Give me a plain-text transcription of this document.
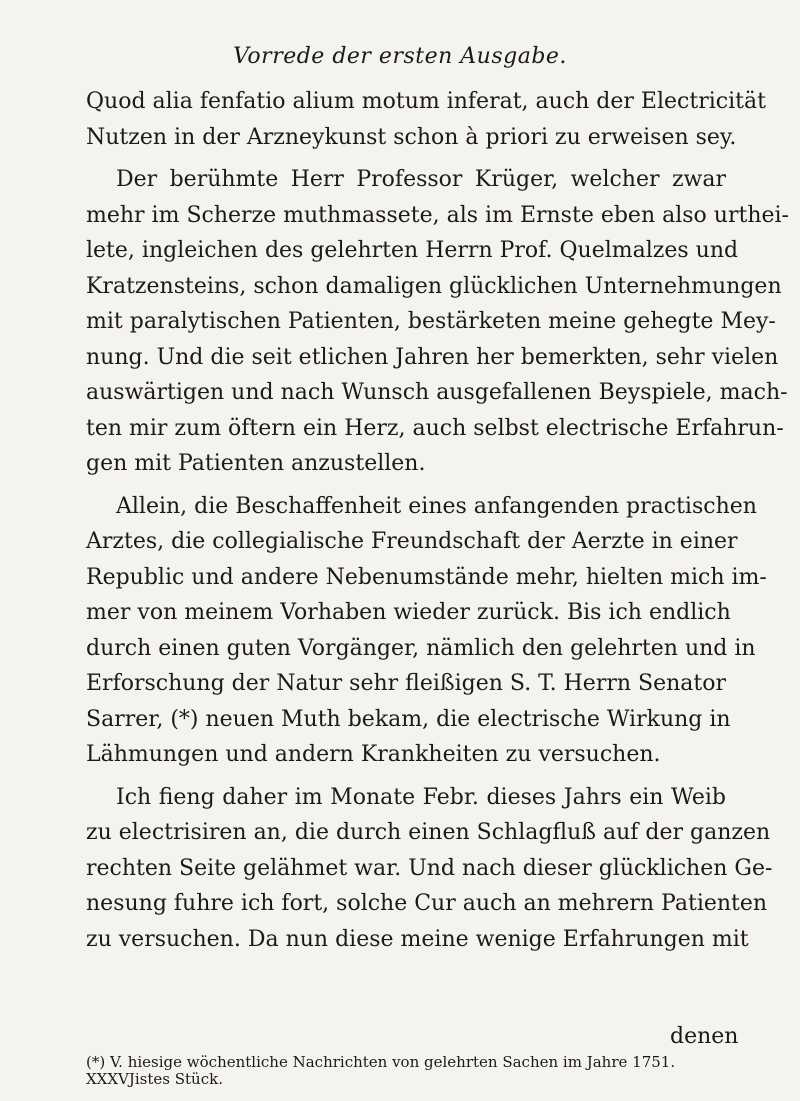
Vorrede der ersten Ausgabe.
Quod alia fenfatio alium motum inferat, auch der Electricität
Nutzen in der Arzneykunst schon à priori zu erweisen sey.
Der berühmte Herr Professor Krüger, welcher zwar
mehr im Scherze muthmassete, als im Ernste eben also urthei-
lete, ingleichen des gelehrten Herrn Prof. Quelmalzes und
Kratzensteins, schon damaligen glücklichen Unternehmungen
mit paralytischen Patienten, bestärketen meine gehegte Mey-
nung. Und die seit etlichen Jahren her bemerkten, sehr vielen
auswärtigen und nach Wunsch ausgefallenen Beyspiele, mach-
ten mir zum öftern ein Herz, auch selbst electrische Erfahrun-
gen mit Patienten anzustellen.
Allein, die Beschaffenheit eines anfangenden practischen
Arztes, die collegialische Freundschaft der Aerzte in einer
Republic und andere Nebenumstände mehr, hielten mich im-
mer von meinem Vorhaben wieder zurück. Bis ich endlich
durch einen guten Vorgänger, nämlich den gelehrten und in
Erforschung der Natur sehr fleißigen S. T. Herrn Senator
Sarrer, (*) neuen Muth bekam, die electrische Wirkung in
Lähmungen und andern Krankheiten zu versuchen.
Ich fieng daher im Monate Febr. dieses Jahrs ein Weib
zu electrisiren an, die durch einen Schlagfluß auf der ganzen
rechten Seite gelähmet war. Und nach dieser glücklichen Ge-
nesung fuhre ich fort, solche Cur auch an mehrern Patienten
zu versuchen. Da nun diese meine wenige Erfahrungen mit
denen
(*) V. hiesige wöchentliche Nachrichten von gelehrten Sachen im Jahre 1751.
XXXVJistes Stück.
